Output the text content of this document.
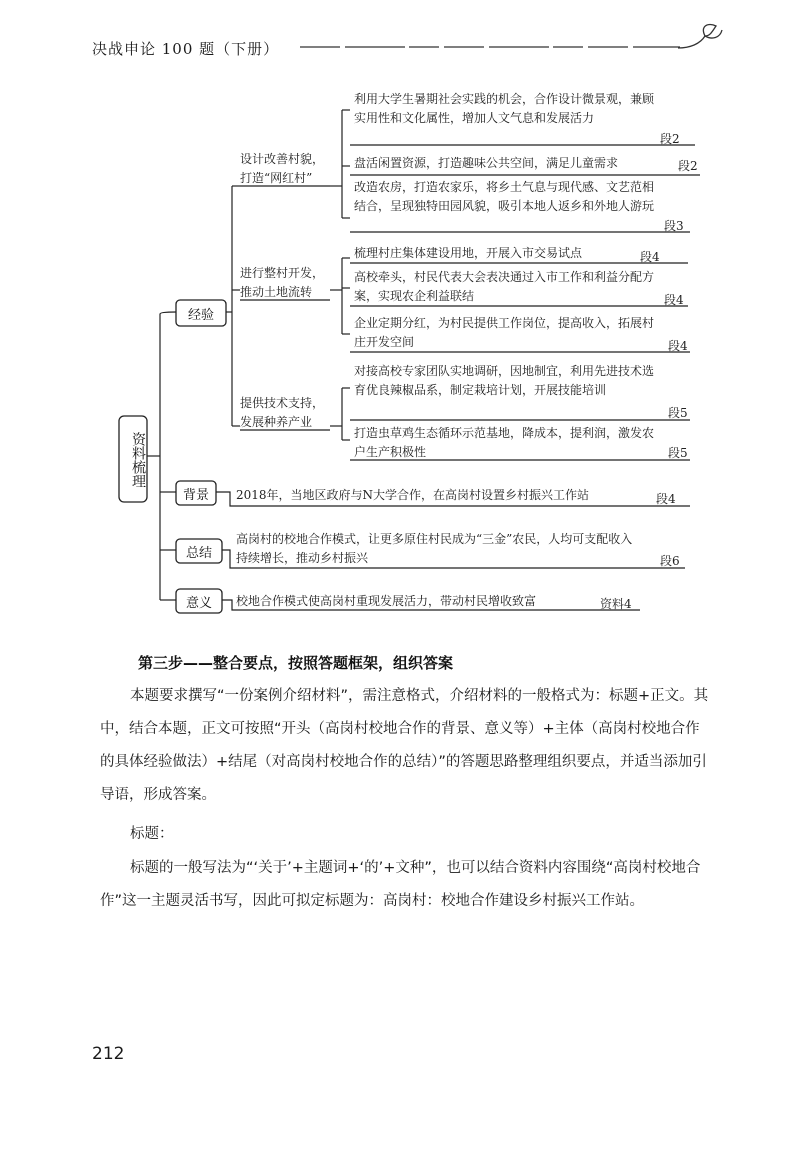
决战申论 100 题（下册）
资料梳理
经验
背景
总结
意义
设计改善村貌，打造“网红村”
进行整村开发，推动土地流转
提供技术支持，发展种养产业
利用大学生暑期社会实践的机会，合作设计微景观，兼顾实用性和文化属性，增加人文气息和发展活力
段2
盘活闲置资源，打造趣味公共空间，满足儿童需求	段2
改造农房，打造农家乐，将乡土气息与现代感、文艺范相结合，呈现独特田园风貌，吸引本地人返乡和外地人游玩
段3
梳理村庄集体建设用地，开展入市交易试点	段4
高校牵头，村民代表大会表决通过入市工作和利益分配方案，实现农企利益联结	段4
企业定期分红，为村民提供工作岗位，提高收入，拓展村庄开发空间	段4
对接高校专家团队实地调研，因地制宜，利用先进技术选育优良辣椒品系，制定栽培计划，开展技能培训
段5
打造虫草鸡生态循环示范基地，降成本，提利润，激发农户生产积极性	段5
2018年，当地区政府与N大学合作，在高岗村设置乡村振兴工作站	段4
高岗村的校地合作模式，让更多原住村民成为“三金”农民，人均可支配收入持续增长，推动乡村振兴	段6
校地合作模式使高岗村重现发展活力，带动村民增收致富	资料4
第三步——整合要点，按照答题框架，组织答案
本题要求撰写“一份案例介绍材料”，需注意格式，介绍材料的一般格式为：标题+正文。其中，结合本题，正文可按照“开头（高岗村校地合作的背景、意义等）+主体（高岗村校地合作的具体经验做法）+结尾（对高岗村校地合作的总结）”的答题思路整理组织要点，并适当添加引导语，形成答案。
标题：
标题的一般写法为“‘关于’+主题词+‘的’+文种”，也可以结合资料内容围绕“高岗村校地合作”这一主题灵活书写，因此可拟定标题为：高岗村：校地合作建设乡村振兴工作站。
212
